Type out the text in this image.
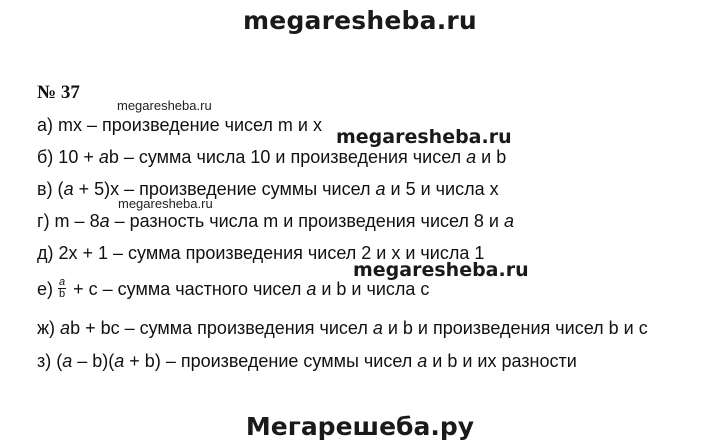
megaresheba.ru
№ 37
а) mx – произведение чисел m и x
б) 10 + ab – сумма числа 10 и произведения чисел a и b
в) (a + 5)x – произведение суммы чисел a и 5 и числа x
г) m – 8a – разность числа m и произведения чисел 8 и a
д) 2x + 1 – сумма произведения чисел 2 и x и числа 1
$е) \frac{a}{b} + c$ – сумма частного чисел a и b и числа c
ж) ab + bc – сумма произведения чисел a и b и произведения чисел b и c
з) (a – b)(a + b) – произведение суммы чисел a и b и их разности
megaresheba.ru
megaresheba.ru
megaresheba.ru
megaresheba.ru
Мегарешеба.ру
